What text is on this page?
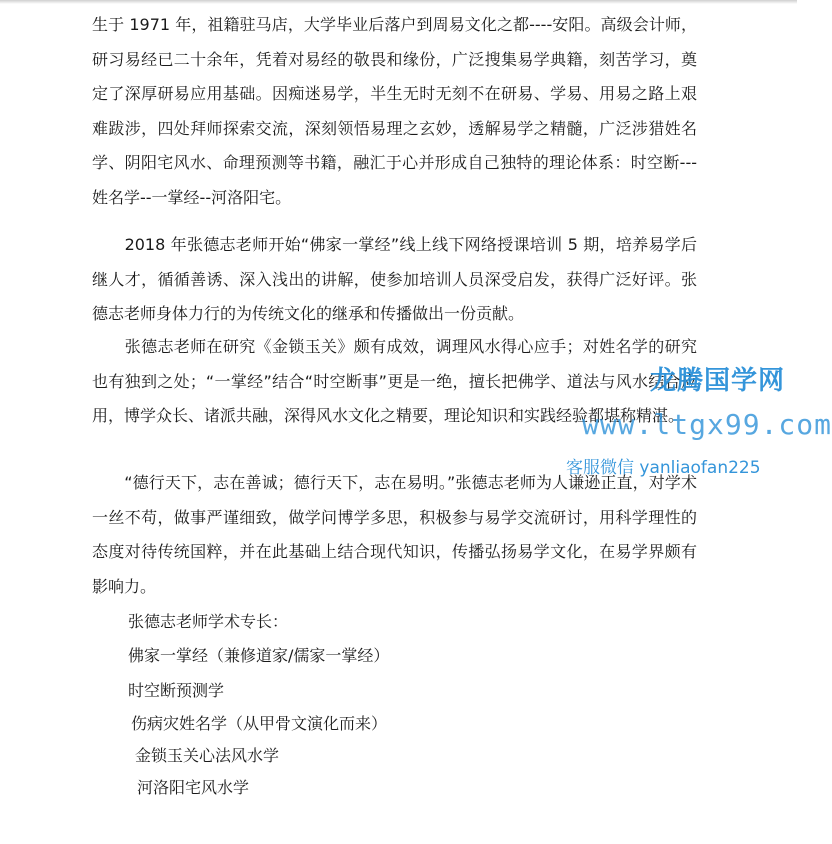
生于 1971 年，祖籍驻马店，大学毕业后落户到周易文化之都----安阳。高级会计师，研习易经已二十余年，凭着对易经的敬畏和缘份，广泛搜集易学典籍，刻苦学习，奠定了深厚研易应用基础。因痴迷易学，半生无时无刻不在研易、学易、用易之路上艰难跋涉，四处拜师探索交流，深刻领悟易理之玄妙，透解易学之精髓，广泛涉猎姓名学、阴阳宅风水、命理预测等书籍，融汇于心并形成自己独特的理论体系：时空断---姓名学--一掌经--河洛阳宅。

　　2018 年张德志老师开始“佛家一掌经”线上线下网络授课培训 5 期，培养易学后继人才，循循善诱、深入浅出的讲解，使参加培训人员深受启发，获得广泛好评。张德志老师身体力行的为传统文化的继承和传播做出一份贡献。

　　张德志老师在研究《金锁玉关》颇有成效，调理风水得心应手；对姓名学的研究也有独到之处；“一掌经”结合“时空断事”更是一绝，擅长把佛学、道法与风水结合应用，博学众长、诸派共融，深得风水文化之精要，理论知识和实践经验都堪称精湛。

　　“德行天下，志在善诚；德行天下，志在易明。”张德志老师为人谦逊正直，对学术一丝不苟，做事严谨细致，做学问博学多思，积极参与易学交流研讨，用科学理性的态度对待传统国粹，并在此基础上结合现代知识，传播弘扬易学文化，在易学界颇有影响力。

张德志老师学术专长：
佛家一掌经（兼修道家/儒家一掌经）
时空断预测学
伤病灾姓名学（从甲骨文演化而来）
金锁玉关心法风水学
河洛阳宅风水学
龙腾国学网
www.ltgx99.com
客服微信 yanliaofan225
